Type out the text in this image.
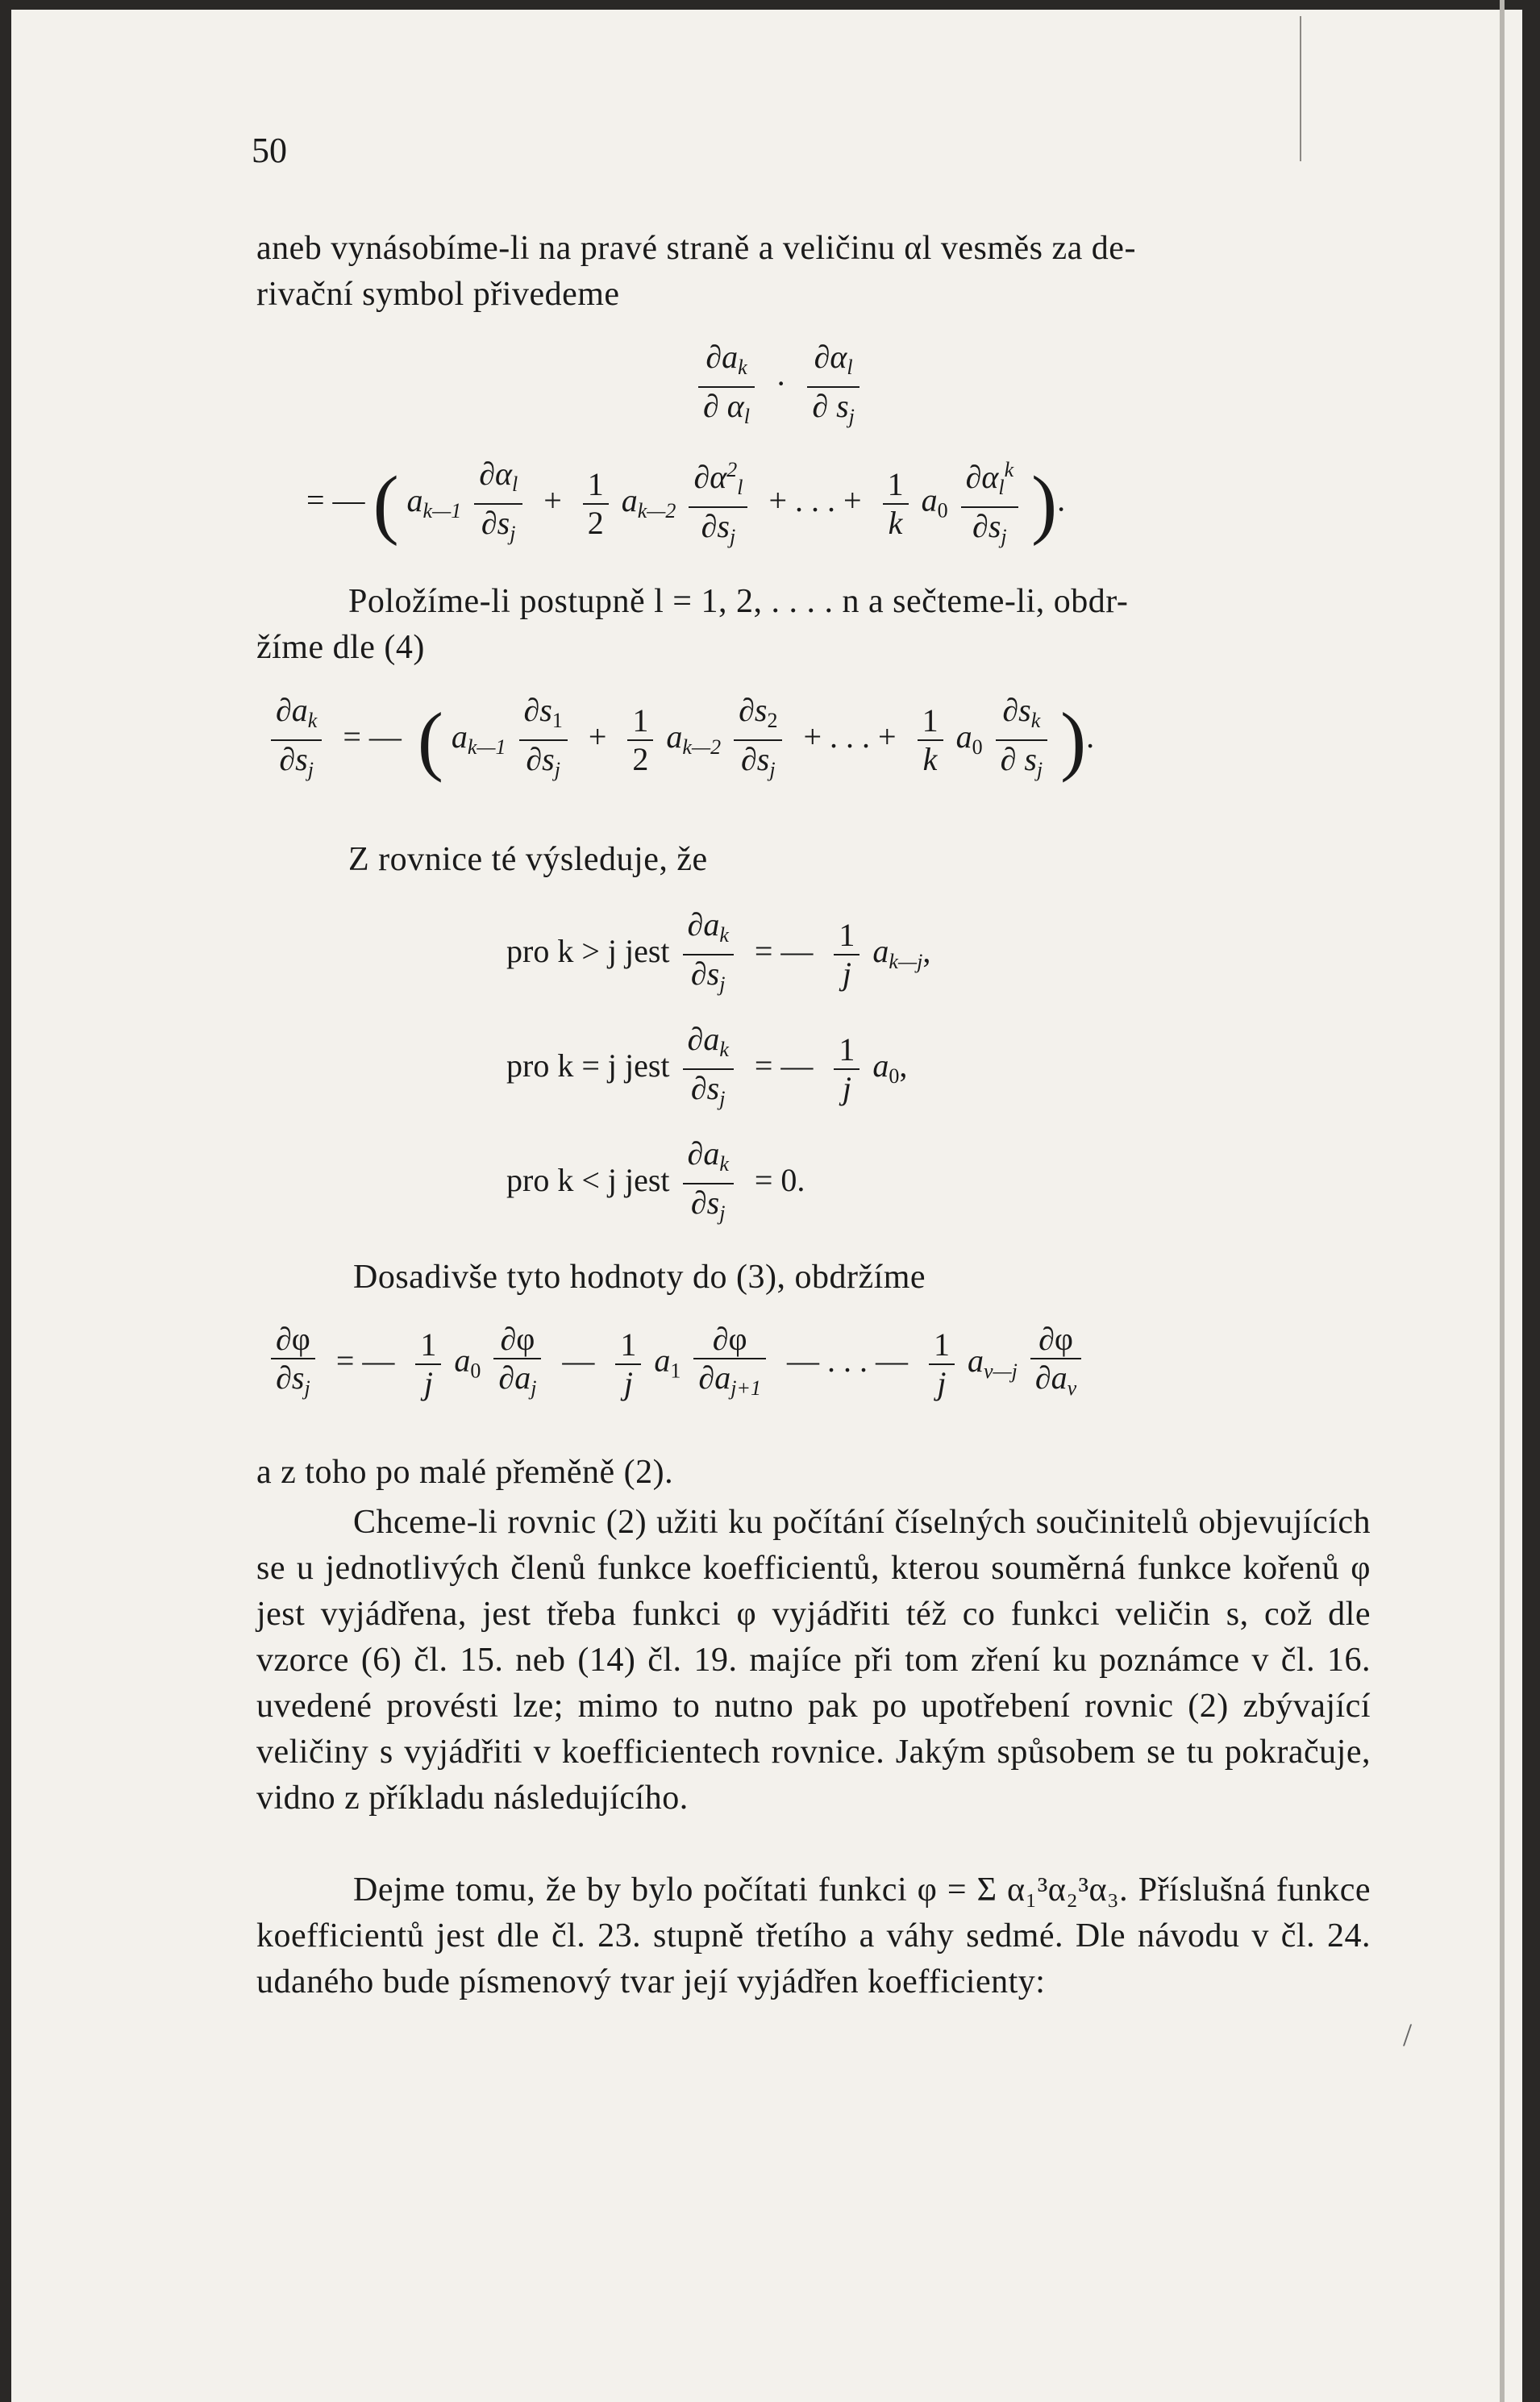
50
aneb vynásobíme-li na pravé straně a veličinu αl vesměs za de-
rivační symbol přivedeme
$\frac{\partial a_k}{\partial \alpha_l} \cdot \frac{\partial\alpha_l}{\partial s_j}$
= — ( $a_{k—1} \frac{\partial\alpha_l}{\partial s_j} + \frac{1}{2} a_{k—2} \frac{\partial\alpha^2_l}{\partial s_j}$ + . . . + $\frac{1}{k} a_0 \frac{\partial\alpha_l^k}{\partial s_j}$ ).
Položíme-li postupně l = 1, 2, . . . . n a sečteme-li, obdr-
žíme dle (4)
$\frac{\partial a_k}{\partial s_j}$ = — ( $a_{k—1} \frac{\partial s_1}{\partial s_j} + \frac{1}{2} a_{k—2} \frac{\partial s_2}{\partial s_j}$ + . . . + $\frac{1}{k} a_0 \frac{\partial s_k}{\partial s_j}$ ).
Z rovnice té výsleduje, že
pro k > j jest $\frac{\partial a_k}{\partial s_j}$ = — $\frac{1}{j} a_{k—j}$,
pro k = j jest $\frac{\partial a_k}{\partial s_j}$ = — $\frac{1}{j} a_0$,
pro k < j jest $\frac{\partial a_k}{\partial s_j} = 0$.
Dosadivše tyto hodnoty do (3), obdržíme
$\frac{\partial\varphi}{\partial s_j}$ = — $\frac{1}{j} a_0 \frac{\partial\varphi}{\partial a_j}$ — $\frac{1}{j} a_1 \frac{\partial\varphi}{\partial a_{j+1}}$ — . . . — $\frac{1}{j} a_{\nu—j} \frac{\partial\varphi}{\partial a_\nu}$
a z toho po malé přeměně (2).
Chceme-li rovnic (2) užiti ku počítání číselných součinitelů objevujících se u jednotlivých členů funkce koefficientů, kterou souměrná funkce kořenů φ jest vyjádřena, jest třeba funkci φ vyjádřiti též co funkci veličin s, což dle vzorce (6) čl. 15. neb (14) čl. 19. majíce při tom zření ku poznámce v čl. 16. uvedené provésti lze; mimo to nutno pak po upotřebení rovnic (2) zbývající veličiny s vyjádřiti v koefficientech rovnice. Jakým spůsobem se tu pokračuje, vidno z příkladu následujícího.
Dejme tomu, že by bylo počítati funkci φ = Σ α₁³α₂³α₃. Příslušná funkce koefficientů jest dle čl. 23. stupně třetího a váhy sedmé. Dle návodu v čl. 24. udaného bude písmenový tvar její vyjádřen koefficienty:
/
